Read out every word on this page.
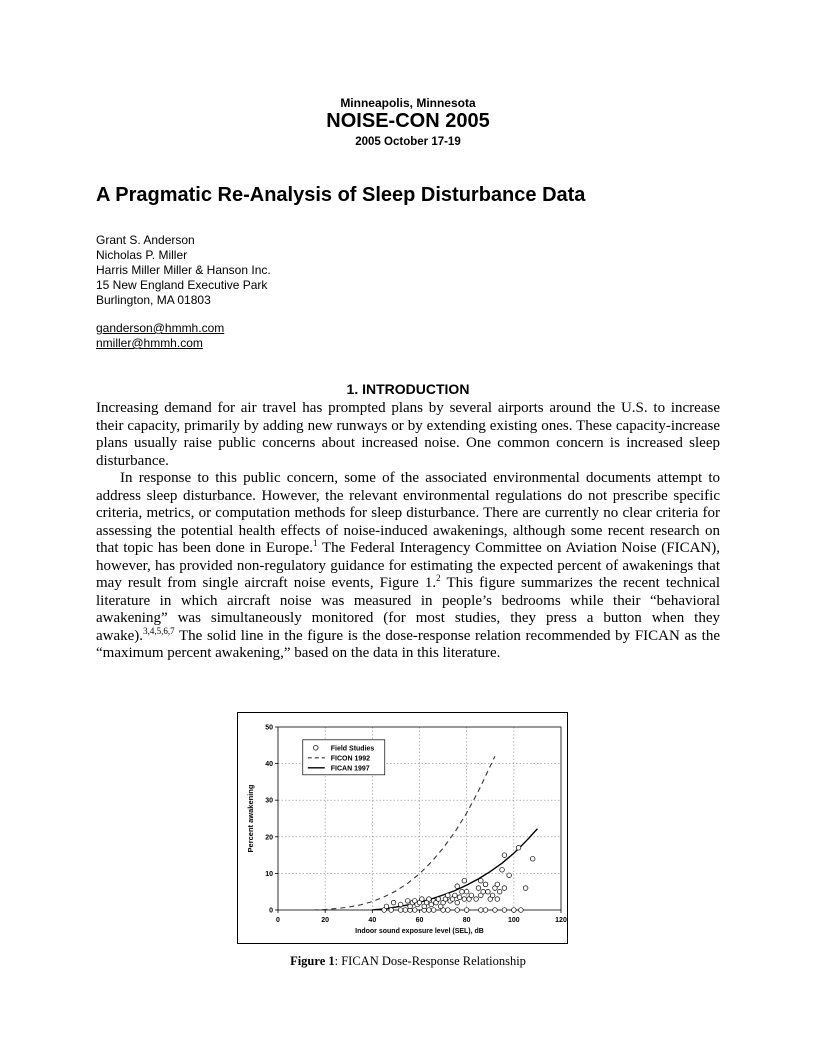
Minneapolis, Minnesota
NOISE-CON 2005
2005 October 17-19
A Pragmatic Re-Analysis of Sleep Disturbance Data
Grant S. Anderson
Nicholas P. Miller
Harris Miller Miller & Hanson Inc.
15 New England Executive Park
Burlington, MA 01803
ganderson@hmmh.com
nmiller@hmmh.com
1. INTRODUCTION

Increasing demand for air travel has prompted plans by several airports around the U.S. to increase their capacity, primarily by adding new runways or by extending existing ones. These capacity-increase plans usually raise public concerns about increased noise. One common concern is increased sleep disturbance.

In response to this public concern, some of the associated environmental documents attempt to address sleep disturbance. However, the relevant environmental regulations do not prescribe specific criteria, metrics, or computation methods for sleep disturbance. There are currently no clear criteria for assessing the potential health effects of noise-induced awakenings, although some recent research on that topic has been done in Europe.$^1$ The Federal Interagency Committee on Aviation Noise (FICAN), however, has provided non-regulatory guidance for estimating the expected percent of awakenings that may result from single aircraft noise events, Figure 1.$^2$ This figure summarizes the recent technical literature in which aircraft noise was measured in people’s bedrooms while their “behavioral awakening” was simultaneously monitored (for most studies, they press a button when they awake).$^{3,4,5,6,7}$ The solid line in the figure is the dose-response relation recommended by FICAN as the “maximum percent awakening,” based on the data in this literature.

0	20	40	60	80	100	120
0
10
20
30
40
50
Indoor sound exposure level (SEL), dB
Percent awakening
Field Studies
FICON 1992
FICAN 1997
Figure 1: FICAN Dose-Response Relationship
